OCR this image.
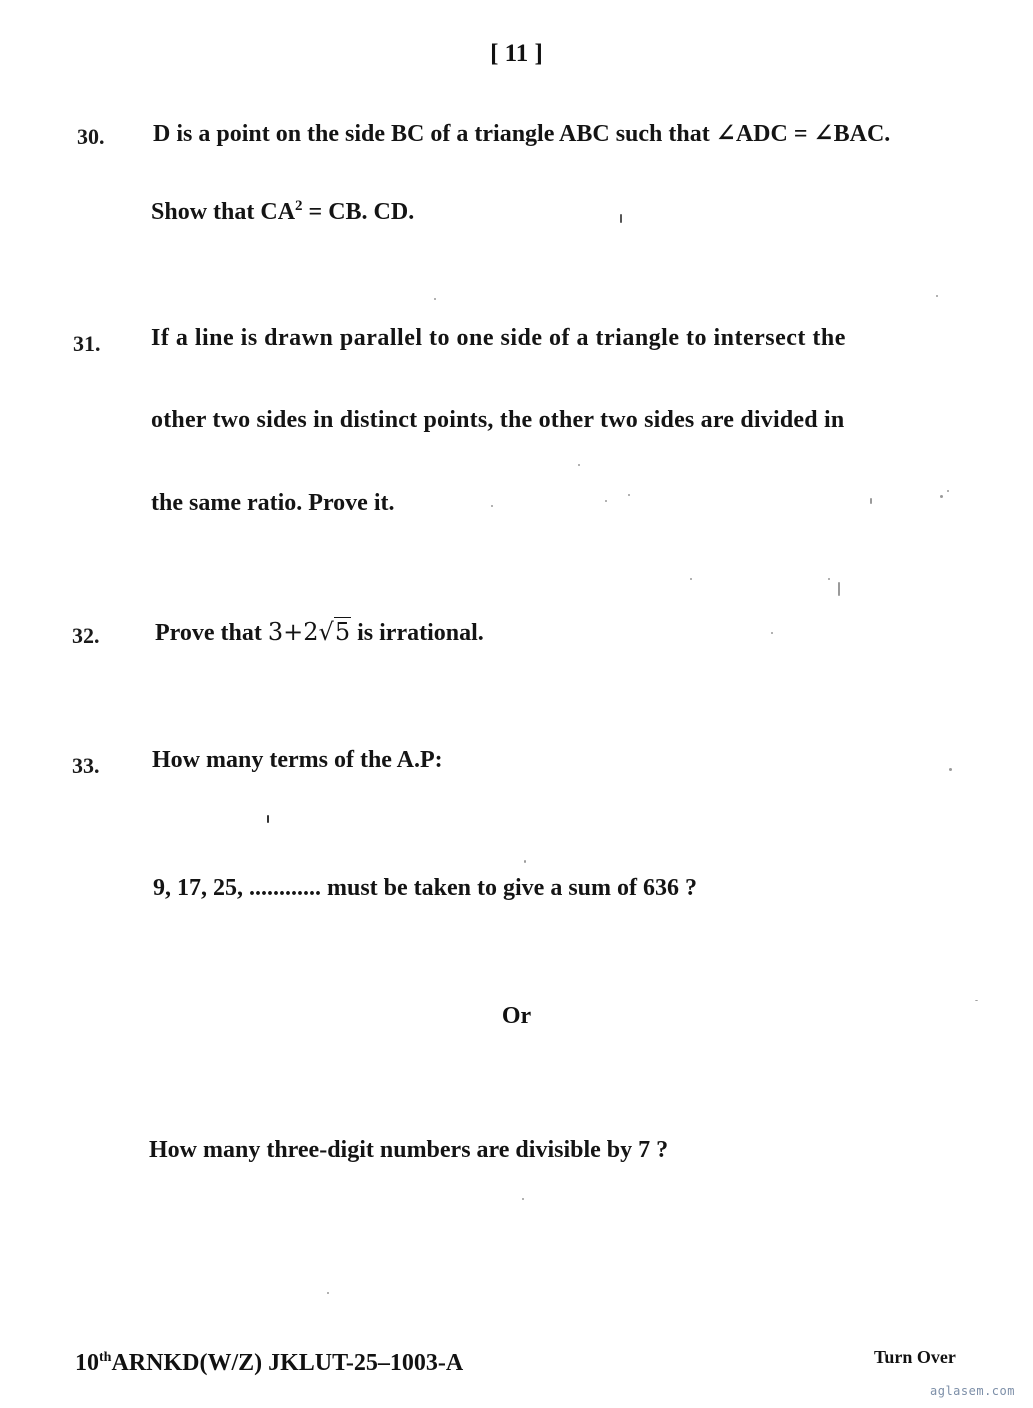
[ 11 ]
30. D is a point on the side BC of a triangle ABC such that ∠ADC = ∠BAC.
Show that $CA^2$ = CB. CD.
31. If a line is drawn parallel to one side of a triangle to intersect the
other two sides in distinct points, the other two sides are divided in
the same ratio. Prove it.
32. Prove that 3+2√5 is irrational.
33. How many terms of the A.P:
9, 17, 25, ............ must be taken to give a sum of 636 ?
Or
How many three-digit numbers are divisible by 7 ?
10thARNKD(W/Z) JKLUT-25–1003-A	Turn Over
aglasem.com
